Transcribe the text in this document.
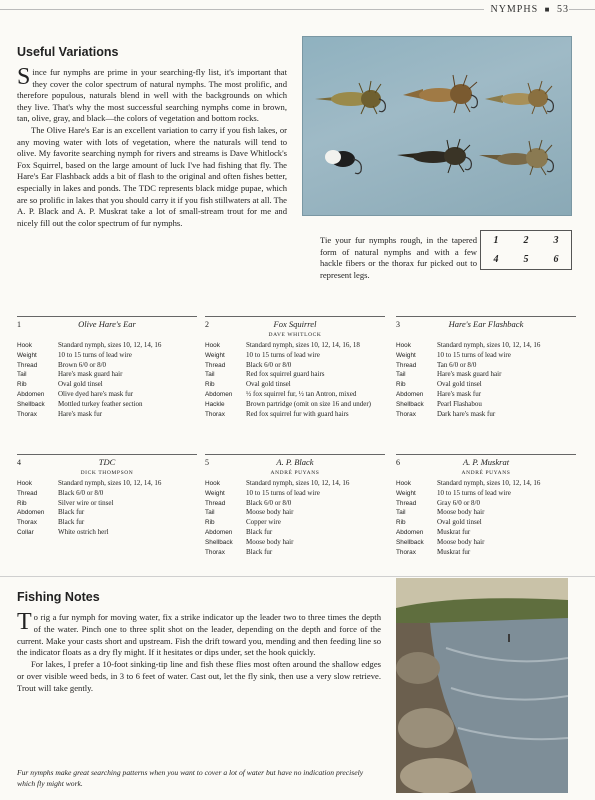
NYMPHS ■ 53
Useful Variations

Since fur nymphs are prime in your searching-fly list, it's important that they cover the color spectrum of natural nymphs. The most prolific, and therefore populous, naturals blend in well with the backgrounds on which they live. That's why the most successful searching nymphs come in brown, tan, olive, gray, and black—the colors of vegetation and bottom rocks.

The Olive Hare's Ear is an excellent variation to carry if you fish lakes, or any moving water with lots of vegetation, where the naturals will tend to olive. My favorite searching nymph for rivers and streams is Dave Whitlock's Fox Squirrel, based on the large amount of luck I've had fishing that fly. The Hare's Ear Flashback adds a bit of flash to the original and often fishes better, especially in lakes and ponds. The TDC represents black midge pupae, which are so prolific in lakes that you should carry it if you fish stillwaters at all. The A. P. Black and A. P. Muskrat take a lot of small-stream trout for me and nicely fill out the color spectrum of fur nymphs.

Tie your fur nymphs rough, in the tapered form of natural nymphs and with a few hackle fibers or the thorax fur picked out to represent legs.
1	2	3
4	5	6
1	Olive Hare's Ear

Hook	Standard nymph, sizes 10, 12, 14, 16
Weight	10 to 15 turns of lead wire
Thread	Brown 6/0 or 8/0
Tail	Hare's mask guard hair
Rib	Oval gold tinsel
Abdomen	Olive dyed hare's mask fur
Shellback	Mottled turkey feather section
Thorax	Hare's mask fur
2	Fox Squirrel
DAVE WHITLOCK
Hook	Standard nymph, sizes 10, 12, 14, 16, 18
Weight	10 to 15 turns of lead wire
Thread	Black 6/0 or 8/0
Tail	Red fox squirrel guard hairs
Rib	Oval gold tinsel
Abdomen	½ fox squirrel fur, ½ tan Antron, mixed
Hackle	Brown partridge (omit on size 16 and under)
Thorax	Red fox squirrel fur with guard hairs
3	Hare's Ear Flashback

Hook	Standard nymph, sizes 10, 12, 14, 16
Weight	10 to 15 turns of lead wire
Thread	Tan 6/0 or 8/0
Tail	Hare's mask guard hair
Rib	Oval gold tinsel
Abdomen	Hare's mask fur
Shellback	Pearl Flashabou
Thorax	Dark hare's mask fur
4	TDC
DICK THOMPSON
Hook	Standard nymph, sizes 10, 12, 14, 16
Thread	Black 6/0 or 8/0
Rib	Silver wire or tinsel
Abdomen	Black fur
Thorax	Black fur
Collar	White ostrich herl
5	A. P. Black
ANDRÉ PUYANS
Hook	Standard nymph, sizes 10, 12, 14, 16
Weight	10 to 15 turns of lead wire
Thread	Black 6/0 or 8/0
Tail	Moose body hair
Rib	Copper wire
Abdomen	Black fur
Shellback	Moose body hair
Thorax	Black fur
6	A. P. Muskrat
ANDRÉ PUYANS
Hook	Standard nymph, sizes 10, 12, 14, 16
Weight	10 to 15 turns of lead wire
Thread	Gray 6/0 or 8/0
Tail	Moose body hair
Rib	Oval gold tinsel
Abdomen	Muskrat fur
Shellback	Moose body hair
Thorax	Muskrat fur
Fishing Notes

To rig a fur nymph for moving water, fix a strike indicator up the leader two to three times the depth of the water. Pinch one to three split shot on the leader, depending on the depth and force of the current. Make your casts short and upstream. Fish the drift toward you, mending and then feeding line so the indicator floats as a dry fly might. If it hesitates or dips under, set the hook quickly.

For lakes, I prefer a 10-foot sinking-tip line and fish these flies most often around the shallow edges or over visible weed beds, in 3 to 6 feet of water. Cast out, let the fly sink, then use a very slow retrieve. Trout will take gently.

Fur nymphs make great searching patterns when you want to cover a lot of water but have no indication precisely which fly might work.
